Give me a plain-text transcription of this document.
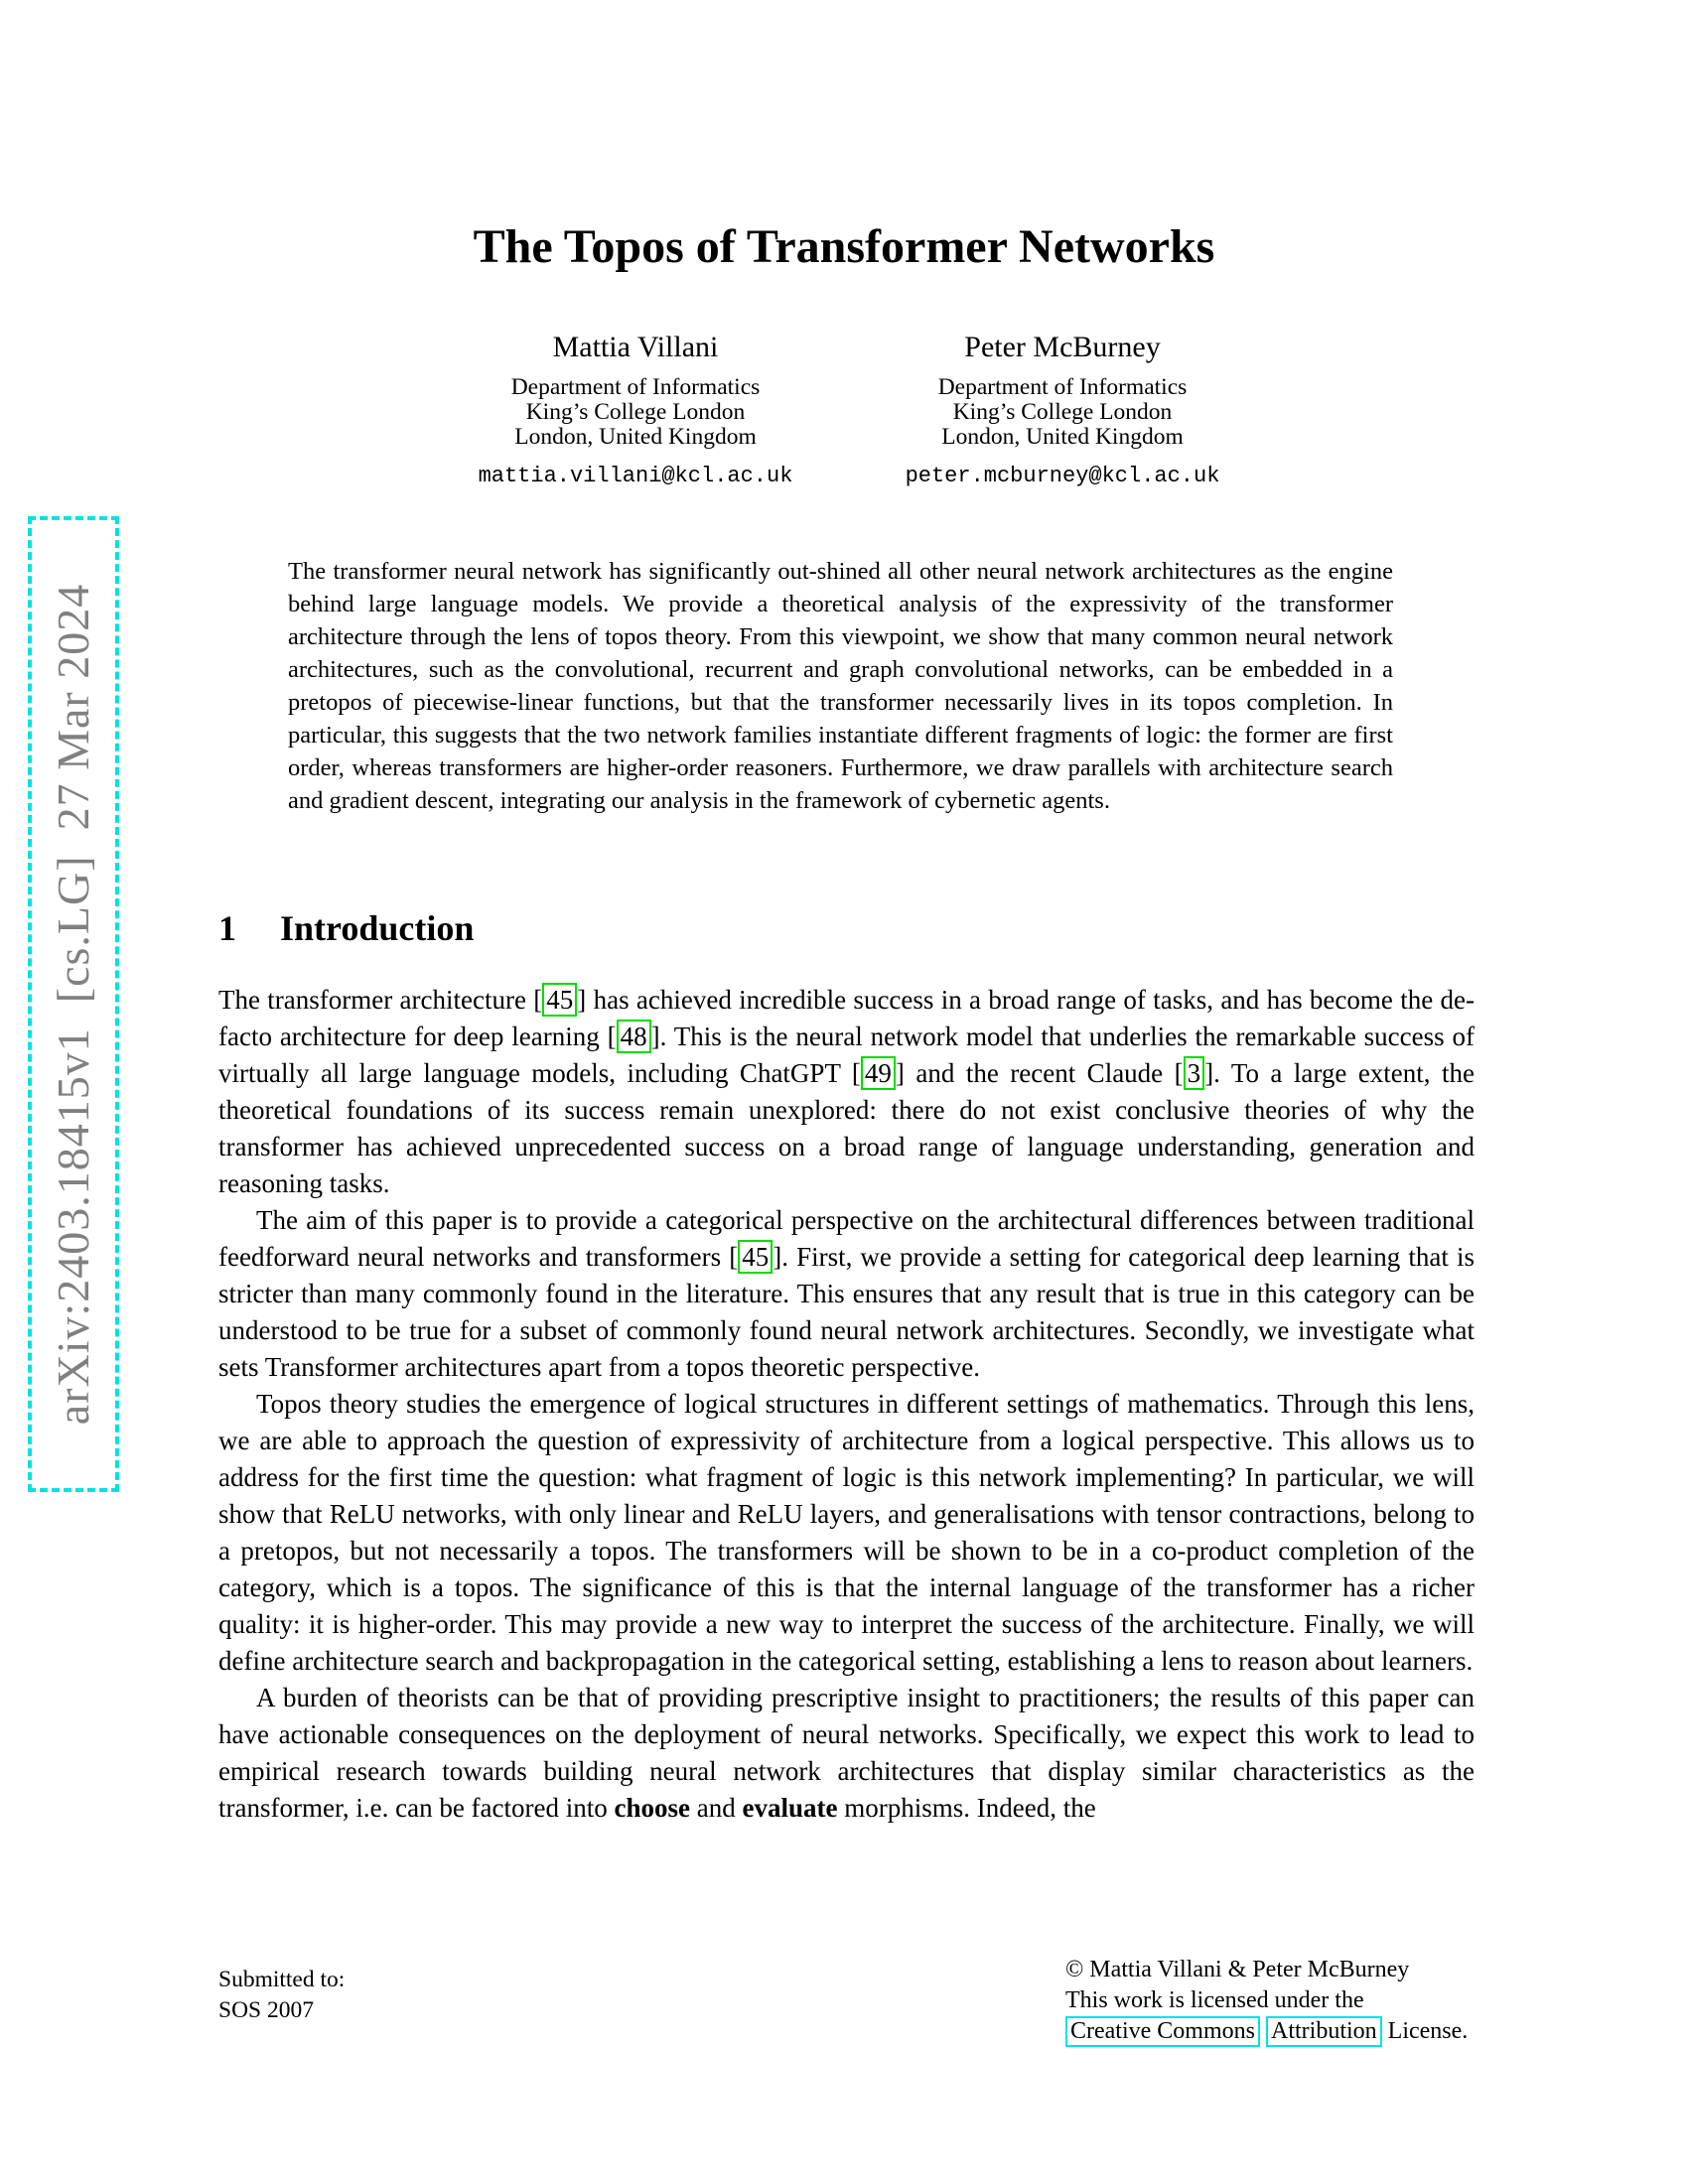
arXiv:2403.18415v1  [cs.LG]  27 Mar 2024
The Topos of Transformer Networks
Mattia Villani
Department of Informatics
King’s College London
London, United Kingdom
mattia.villani@kcl.ac.uk
Peter McBurney
Department of Informatics
King’s College London
London, United Kingdom
peter.mcburney@kcl.ac.uk
The transformer neural network has significantly out-shined all other neural network architectures as the engine behind large language models. We provide a theoretical analysis of the expressivity of the transformer architecture through the lens of topos theory. From this viewpoint, we show that many common neural network architectures, such as the convolutional, recurrent and graph convolutional networks, can be embedded in a pretopos of piecewise-linear functions, but that the transformer necessarily lives in its topos completion. In particular, this suggests that the two network families instantiate different fragments of logic: the former are first order, whereas transformers are higher-order reasoners. Furthermore, we draw parallels with architecture search and gradient descent, integrating our analysis in the framework of cybernetic agents.
1 Introduction

The transformer architecture [ 45 ] has achieved incredible success in a broad range of tasks, and has become the de-facto architecture for deep learning [ 48 ]. This is the neural network model that underlies the remarkable success of virtually all large language models, including ChatGPT [ 49 ] and the recent Claude [ 3 ]. To a large extent, the theoretical foundations of its success remain unexplored: there do not exist conclusive theories of why the transformer has achieved unprecedented success on a broad range of language understanding, generation and reasoning tasks.

The aim of this paper is to provide a categorical perspective on the architectural differences between traditional feedforward neural networks and transformers [ 45 ]. First, we provide a setting for categorical deep learning that is stricter than many commonly found in the literature. This ensures that any result that is true in this category can be understood to be true for a subset of commonly found neural network architectures. Secondly, we investigate what sets Transformer architectures apart from a topos theoretic perspective.

Topos theory studies the emergence of logical structures in different settings of mathematics. Through this lens, we are able to approach the question of expressivity of architecture from a logical perspective. This allows us to address for the first time the question: what fragment of logic is this network implementing? In particular, we will show that ReLU networks, with only linear and ReLU layers, and generalisations with tensor contractions, belong to a pretopos, but not necessarily a topos. The transformers will be shown to be in a co-product completion of the category, which is a topos. The significance of this is that the internal language of the transformer has a richer quality: it is higher-order. This may provide a new way to interpret the success of the architecture. Finally, we will define architecture search and backpropagation in the categorical setting, establishing a lens to reason about learners.

A burden of theorists can be that of providing prescriptive insight to practitioners; the results of this paper can have actionable consequences on the deployment of neural networks. Specifically, we expect this work to lead to empirical research towards building neural network architectures that display similar characteristics as the transformer, i.e. can be factored into choose and evaluate morphisms. Indeed, the

Submitted to:
SOS 2007
© Mattia Villani & Peter McBurney
This work is licensed under the
Creative Commons Attribution License.
